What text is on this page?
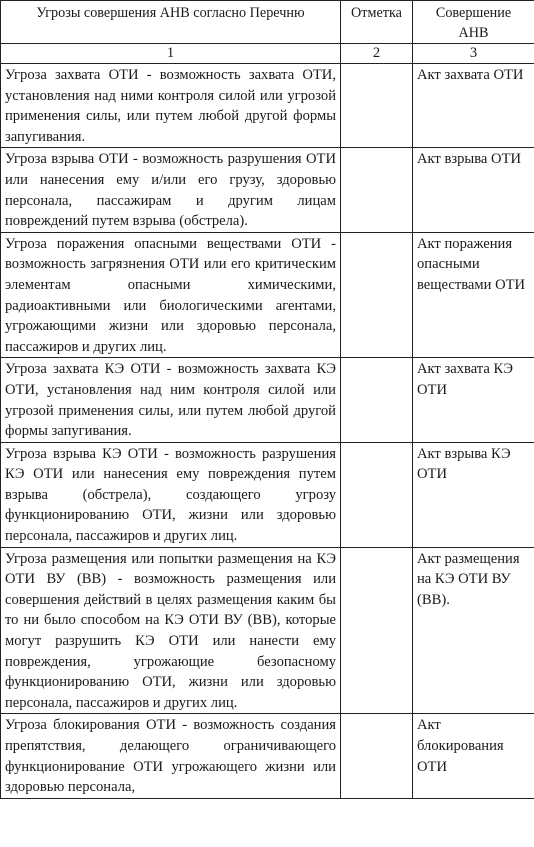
Угрозы совершения АНВ согласно Перечню	Отметка	Совершение АНВ
1	2	3
Угроза захвата ОТИ - возможность захвата ОТИ, установления над ними контроля силой или угрозой применения силы, или путем любой другой формы запугивания.		Акт захвата ОТИ
Угроза взрыва ОТИ - возможность разрушения ОТИ или нанесения ему и/или его грузу, здоровью персонала, пассажирам и другим лицам повреждений путем взрыва (обстрела).		Акт взрыва ОТИ
Угроза поражения опасными веществами ОТИ - возможность загрязнения ОТИ или его критическим элементам опасными химическими, радиоактивными или биологическими агентами, угрожающими жизни или здоровью персонала, пассажиров и других лиц.		Акт поражения опасными веществами ОТИ
Угроза захвата КЭ ОТИ - возможность захвата КЭ ОТИ, установления над ним контроля силой или угрозой применения силы, или путем любой другой формы запугивания.		Акт захвата КЭ ОТИ
Угроза взрыва КЭ ОТИ - возможность разрушения КЭ ОТИ или нанесения ему повреждения путем взрыва (обстрела), создающего угрозу функционированию ОТИ, жизни или здоровью персонала, пассажиров и других лиц.		Акт взрыва КЭ ОТИ
Угроза размещения или попытки размещения на КЭ ОТИ ВУ (ВВ) - возможность размещения или совершения действий в целях размещения каким бы то ни было способом на КЭ ОТИ ВУ (ВВ), которые могут разрушить КЭ ОТИ или нанести ему повреждения, угрожающие безопасному функционированию ОТИ, жизни или здоровью персонала, пассажиров и других лиц.		Акт размещения на КЭ ОТИ ВУ (ВВ).
Угроза блокирования ОТИ - возможность создания препятствия, делающего ограничивающего функционирование ОТИ угрожающего жизни или здоровью персонала,		Акт блокирования ОТИ
